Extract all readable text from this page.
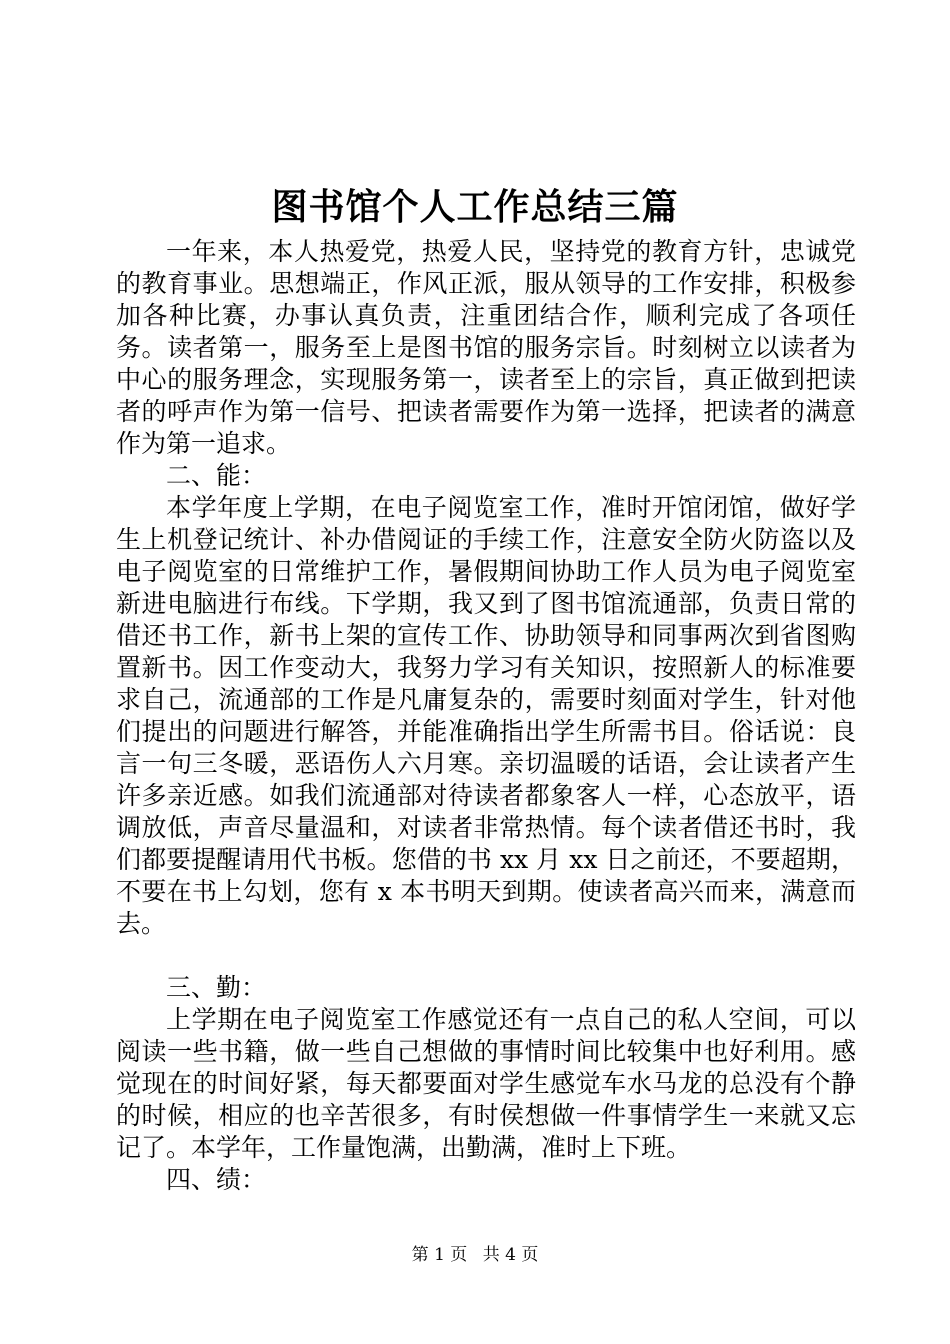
图书馆个人工作总结三篇

一年来，本人热爱党，热爱人民，坚持党的教育方针，忠诚党的教育事业。思想端正，作风正派，服从领导的工作安排，积极参加各种比赛，办事认真负责，注重团结合作，顺利完成了各项任务。读者第一，服务至上是图书馆的服务宗旨。时刻树立以读者为中心的服务理念，实现服务第一，读者至上的宗旨，真正做到把读者的呼声作为第一信号、把读者需要作为第一选择，把读者的满意作为第一追求。

二、能：

本学年度上学期，在电子阅览室工作，准时开馆闭馆，做好学生上机登记统计、补办借阅证的手续工作，注意安全防火防盗以及电子阅览室的日常维护工作，暑假期间协助工作人员为电子阅览室新进电脑进行布线。下学期，我又到了图书馆流通部，负责日常的借还书工作，新书上架的宣传工作、协助领导和同事两次到省图购置新书。因工作变动大，我努力学习有关知识，按照新人的标准要求自己，流通部的工作是凡庸复杂的，需要时刻面对学生，针对他们提出的问题进行解答，并能准确指出学生所需书目。俗话说：良言一句三冬暖，恶语伤人六月寒。亲切温暖的话语，会让读者产生许多亲近感。如我们流通部对待读者都象客人一样，心态放平，语调放低，声音尽量温和，对读者非常热情。每个读者借还书时，我们都要提醒请用代书板。您借的书 xx 月 xx 日之前还，不要超期，不要在书上勾划，您有 x 本书明天到期。使读者高兴而来，满意而去。

三、勤：

上学期在电子阅览室工作感觉还有一点自己的私人空间，可以阅读一些书籍，做一些自己想做的事情时间比较集中也好利用。感觉现在的时间好紧，每天都要面对学生感觉车水马龙的总没有个静的时候，相应的也辛苦很多，有时侯想做一件事情学生一来就又忘记了。本学年，工作量饱满，出勤满，准时上下班。

四、绩：

第 1 页 共 4 页
